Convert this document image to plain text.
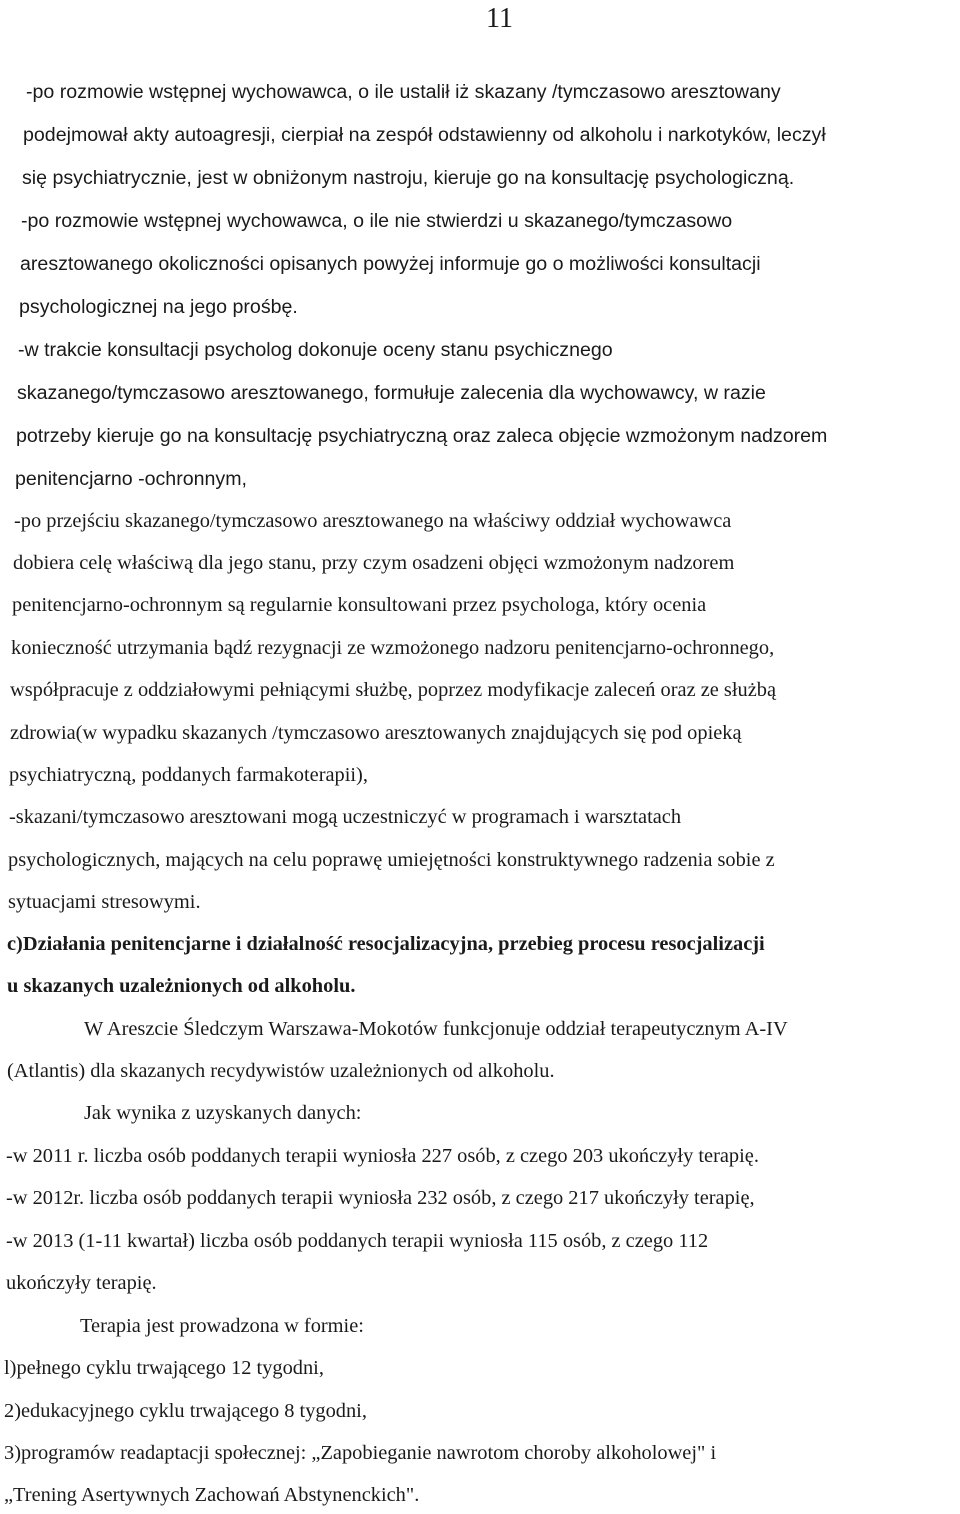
11
-po rozmowie wstępnej wychowawca, o ile ustalił iż skazany /tymczasowo aresztowany
podejmował akty autoagresji, cierpiał na zespół odstawienny od alkoholu i narkotyków, leczył
się psychiatrycznie, jest w obniżonym nastroju, kieruje go na konsultację psychologiczną.
-po rozmowie wstępnej wychowawca, o ile nie stwierdzi u skazanego/tymczasowo
aresztowanego okoliczności opisanych powyżej informuje go o możliwości konsultacji
psychologicznej na jego prośbę.
-w trakcie konsultacji psycholog dokonuje oceny stanu psychicznego
skazanego/tymczasowo aresztowanego, formułuje zalecenia dla wychowawcy, w razie
potrzeby kieruje go na konsultację psychiatryczną oraz zaleca objęcie wzmożonym nadzorem
penitencjarno -ochronnym,
-po przejściu skazanego/tymczasowo aresztowanego na właściwy oddział wychowawca
dobiera celę właściwą dla jego stanu, przy czym osadzeni objęci wzmożonym nadzorem
penitencjarno-ochronnym są regularnie konsultowani przez psychologa, który ocenia
konieczność utrzymania bądź rezygnacji ze wzmożonego nadzoru penitencjarno-ochronnego,
współpracuje z oddziałowymi pełniącymi służbę, poprzez modyfikacje zaleceń oraz ze służbą
zdrowia(w wypadku skazanych /tymczasowo aresztowanych znajdujących się pod opieką
psychiatryczną, poddanych farmakoterapii),
-skazani/tymczasowo aresztowani mogą uczestniczyć w programach i warsztatach
psychologicznych, mających na celu poprawę umiejętności konstruktywnego radzenia sobie z
sytuacjami stresowymi.
c)Działania penitencjarne i działalność resocjalizacyjna, przebieg procesu resocjalizacji
u skazanych uzależnionych od alkoholu.
W Areszcie Śledczym Warszawa-Mokotów funkcjonuje oddział terapeutycznym A-IV
(Atlantis) dla skazanych recydywistów uzależnionych od alkoholu.
Jak wynika z uzyskanych danych:
-w 2011 r. liczba osób poddanych terapii wyniosła 227 osób, z czego 203 ukończyły terapię.
-w 2012r. liczba osób poddanych terapii wyniosła 232 osób, z czego 217 ukończyły terapię,
-w 2013 (1-11 kwartał) liczba osób poddanych terapii wyniosła 115 osób, z czego 112
ukończyły terapię.
Terapia jest prowadzona w formie:
l)pełnego cyklu trwającego 12 tygodni,
2)edukacyjnego cyklu trwającego 8 tygodni,
3)programów readaptacji społecznej: „Zapobieganie nawrotom choroby alkoholowej" i
„Trening Asertywnych Zachowań Abstynenckich".
